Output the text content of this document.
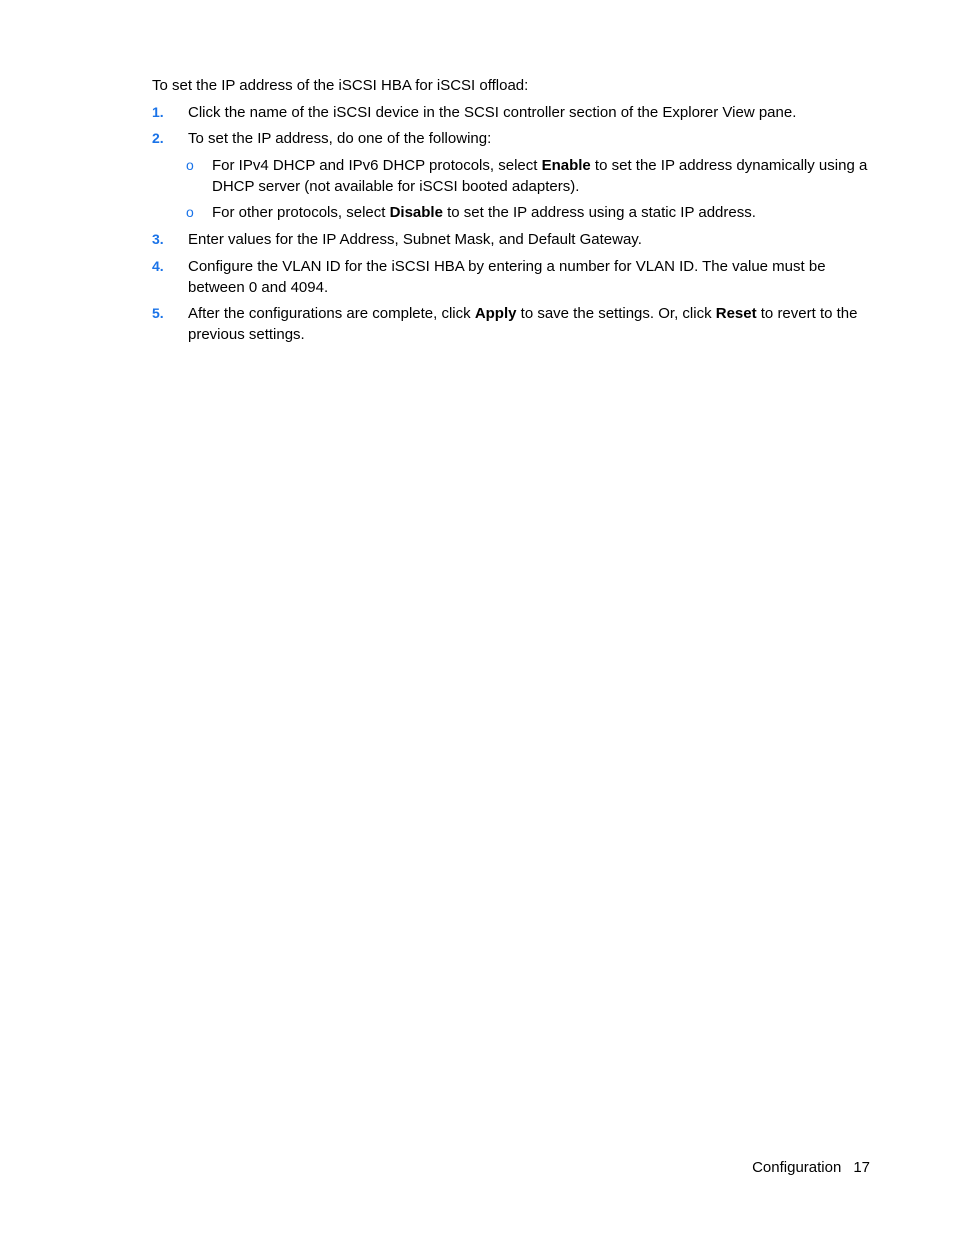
To set the IP address of the iSCSI HBA for iSCSI offload:

1. Click the name of the iSCSI device in the SCSI controller section of the Explorer View pane.
2. To set the IP address, do one of the following:
o For IPv4 DHCP and IPv6 DHCP protocols, select Enable to set the IP address dynamically using a DHCP server (not available for iSCSI booted adapters).
o For other protocols, select Disable to set the IP address using a static IP address.
3. Enter values for the IP Address, Subnet Mask, and Default Gateway.
4. Configure the VLAN ID for the iSCSI HBA by entering a number for VLAN ID. The value must be between 0 and 4094.
5. After the configurations are complete, click Apply to save the settings. Or, click Reset to revert to the previous settings.
Configuration 17
